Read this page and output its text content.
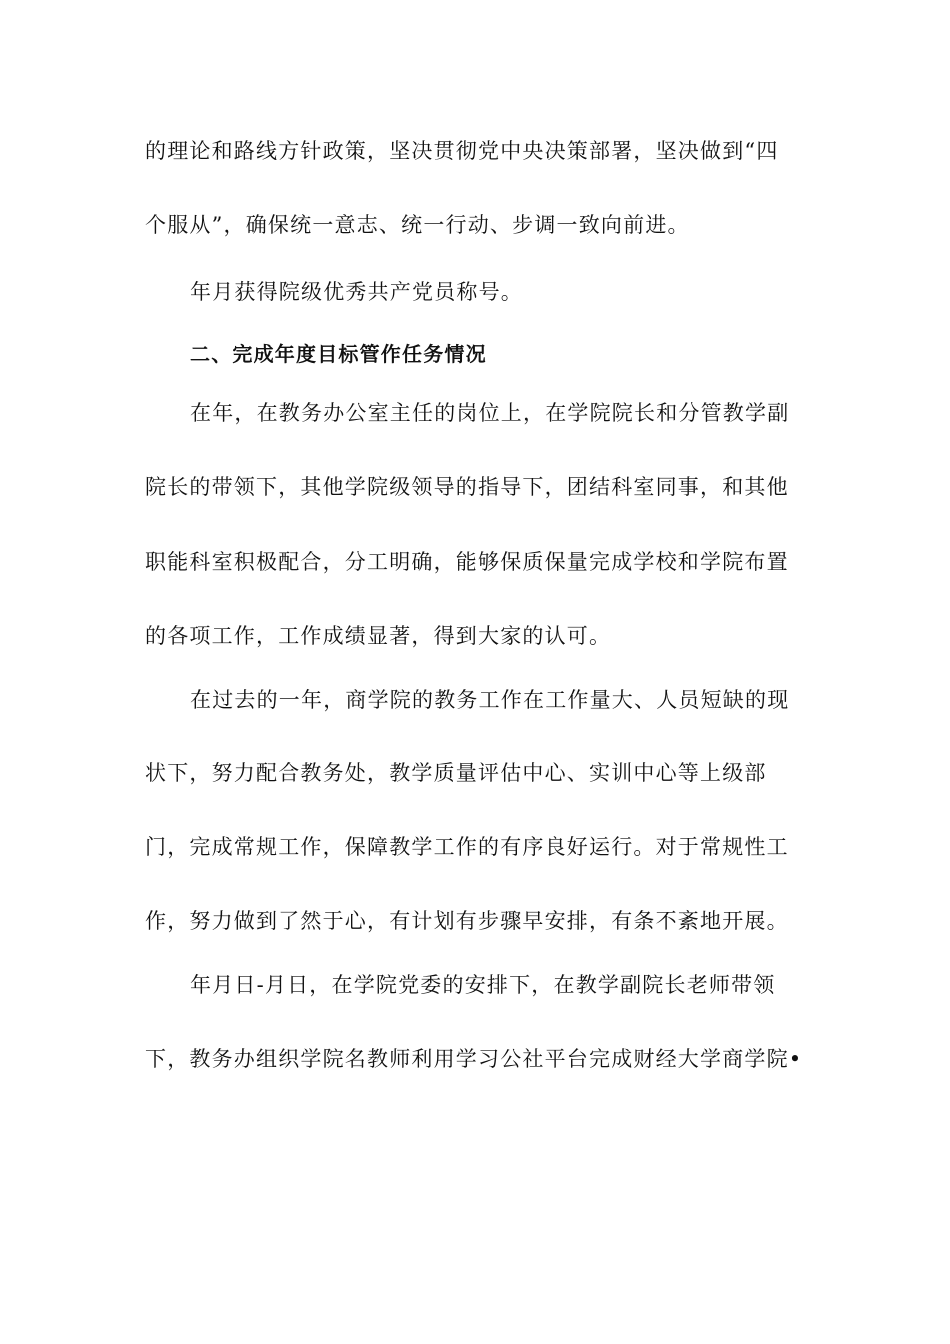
的理论和路线方针政策，坚决贯彻党中央决策部署，坚决做到“四
个服从”，确保统一意志、统一行动、步调一致向前进。
年月获得院级优秀共产党员称号。
二、完成年度目标管作任务情况
在年，在教务办公室主任的岗位上，在学院院长和分管教学副
院长的带领下，其他学院级领导的指导下，团结科室同事，和其他
职能科室积极配合，分工明确，能够保质保量完成学校和学院布置
的各项工作，工作成绩显著，得到大家的认可。
在过去的一年，商学院的教务工作在工作量大、人员短缺的现
状下，努力配合教务处，教学质量评估中心、实训中心等上级部
门，完成常规工作，保障教学工作的有序良好运行。对于常规性工
作，努力做到了然于心，有计划有步骤早安排，有条不紊地开展。
年月日-月日，在学院党委的安排下，在教学副院长老师带领
下，教务办组织学院名教师利用学习公社平台完成财经大学商学院•
